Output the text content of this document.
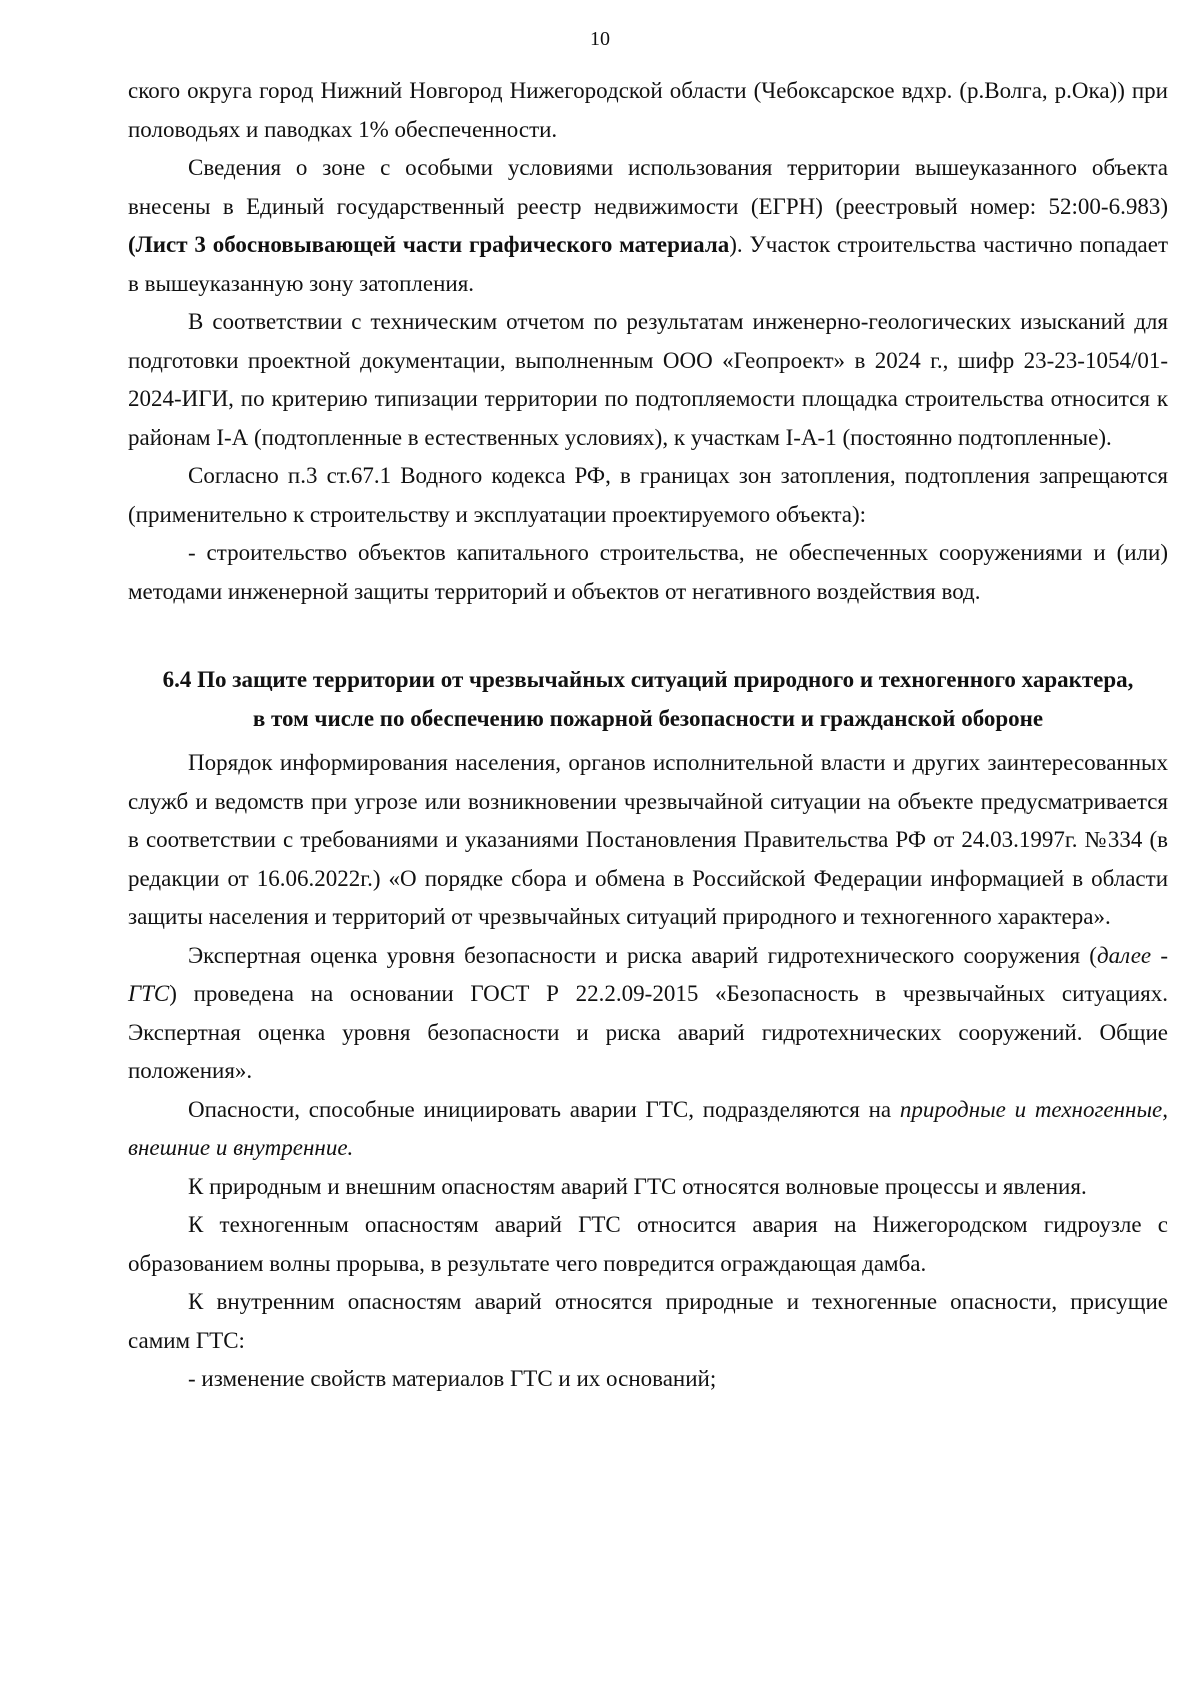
10

ского округа город Нижний Новгород Нижегородской области (Чебоксарское вдхр. (р.Волга, р.Ока)) при половодьях и паводках 1% обеспеченности.

Сведения о зоне с особыми условиями использования территории вышеуказанного объекта внесены в Единый государственный реестр недвижимости (ЕГРН) (реестровый номер: 52:00-6.983) (Лист 3 обосновывающей части графического материала). Участок строительства частично попадает в вышеуказанную зону затопления.

В соответствии с техническим отчетом по результатам инженерно-геологических изысканий для подготовки проектной документации, выполненным ООО «Геопроект» в 2024 г., шифр 23-23-1054/01-2024-ИГИ, по критерию типизации территории по подтопляемости площадка строительства относится к районам I-А (подтопленные в естественных условиях), к участкам I-А-1 (постоянно подтопленные).

Согласно п.3 ст.67.1 Водного кодекса РФ, в границах зон затопления, подтопления запрещаются (применительно к строительству и эксплуатации проектируемого объекта):

- строительство объектов капитального строительства, не обеспеченных сооружениями и (или) методами инженерной защиты территорий и объектов от негативного воздействия вод.

6.4 По защите территории от чрезвычайных ситуаций природного и техногенного характера,
в том числе по обеспечению пожарной безопасности и гражданской обороне

Порядок информирования населения, органов исполнительной власти и других заинтересованных служб и ведомств при угрозе или возникновении чрезвычайной ситуации на объекте предусматривается в соответствии с требованиями и указаниями Постановления Правительства РФ от 24.03.1997г. №334 (в редакции от 16.06.2022г.) «О порядке сбора и обмена в Российской Федерации информацией в области защиты населения и территорий от чрезвычайных ситуаций природного и техногенного характера».

Экспертная оценка уровня безопасности и риска аварий гидротехнического сооружения (далее - ГТС) проведена на основании ГОСТ Р 22.2.09-2015 «Безопасность в чрезвычайных ситуациях. Экспертная оценка уровня безопасности и риска аварий гидротехнических сооружений. Общие положения».

Опасности, способные инициировать аварии ГТС, подразделяются на природные и техногенные, внешние и внутренние.

К природным и внешним опасностям аварий ГТС относятся волновые процессы и явления.

К техногенным опасностям аварий ГТС относится авария на Нижегородском гидроузле с образованием волны прорыва, в результате чего повредится ограждающая дамба.

К внутренним опасностям аварий относятся природные и техногенные опасности, присущие самим ГТС:

- изменение свойств материалов ГТС и их оснований;
